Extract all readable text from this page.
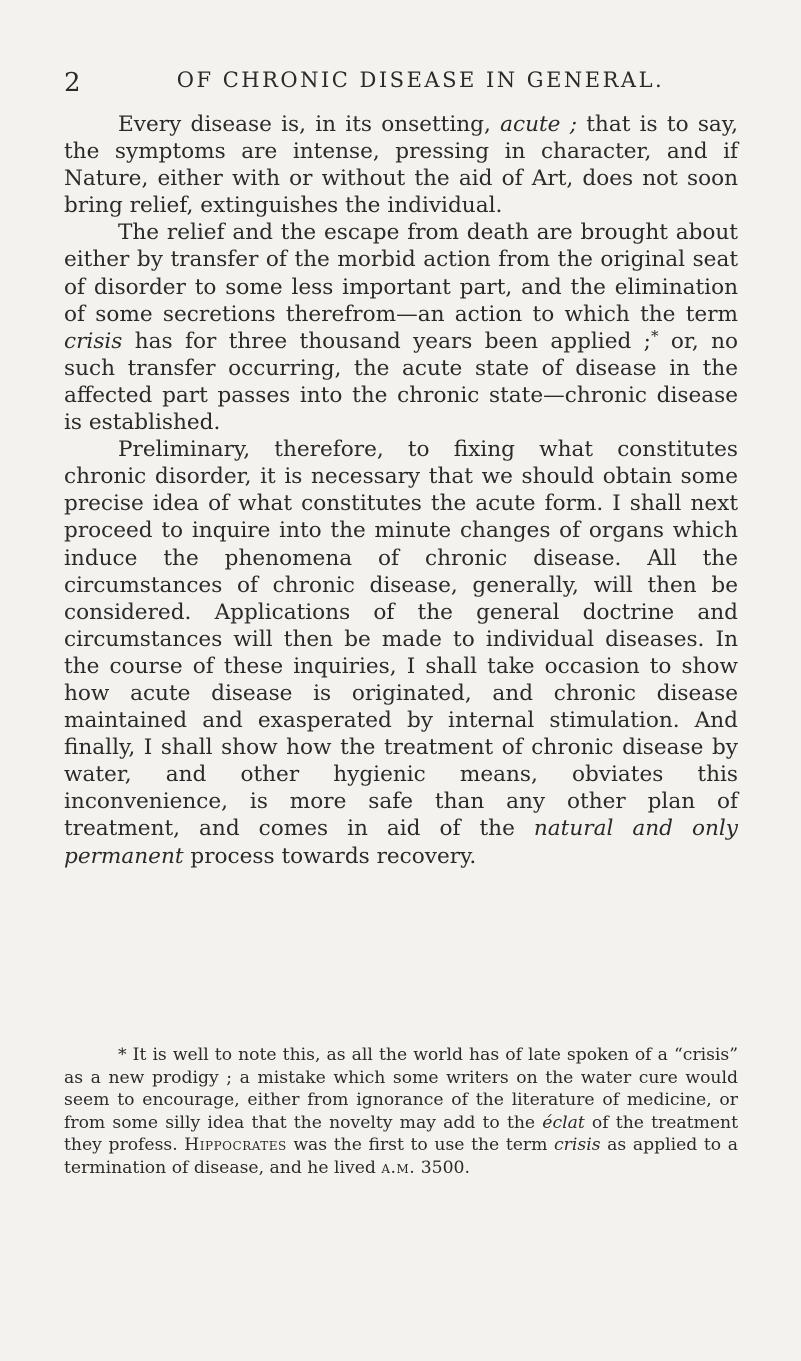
2	OF CHRONIC DISEASE IN GENERAL.

Every disease is, in its onsetting, acute ; that is to say, the symptoms are intense, pressing in character, and if Nature, either with or without the aid of Art, does not soon bring relief, extinguishes the individual.

The relief and the escape from death are brought about either by transfer of the morbid action from the original seat of disorder to some less important part, and the elimination of some secretions therefrom—an action to which the term crisis has for three thousand years been applied ;* or, no such transfer occurring, the acute state of disease in the affected part passes into the chronic state—chronic disease is established.

Preliminary, therefore, to fixing what constitutes chronic disorder, it is necessary that we should obtain some precise idea of what constitutes the acute form. I shall next proceed to inquire into the minute changes of organs which induce the phenomena of chronic disease. All the circumstances of chronic disease, generally, will then be considered. Applications of the general doctrine and circumstances will then be made to individual diseases. In the course of these inquiries, I shall take occasion to show how acute disease is originated, and chronic disease maintained and exasperated by internal stimulation. And finally, I shall show how the treatment of chronic disease by water, and other hygienic means, obviates this inconvenience, is more safe than any other plan of treatment, and comes in aid of the natural and only permanent process towards recovery.

* It is well to note this, as all the world has of late spoken of a “crisis” as a new prodigy ; a mistake which some writers on the water cure would seem to encourage, either from ignorance of the literature of medicine, or from some silly idea that the novelty may add to the éclat of the treatment they profess. Hippocrates was the first to use the term crisis as applied to a termination of disease, and he lived a.m. 3500.
